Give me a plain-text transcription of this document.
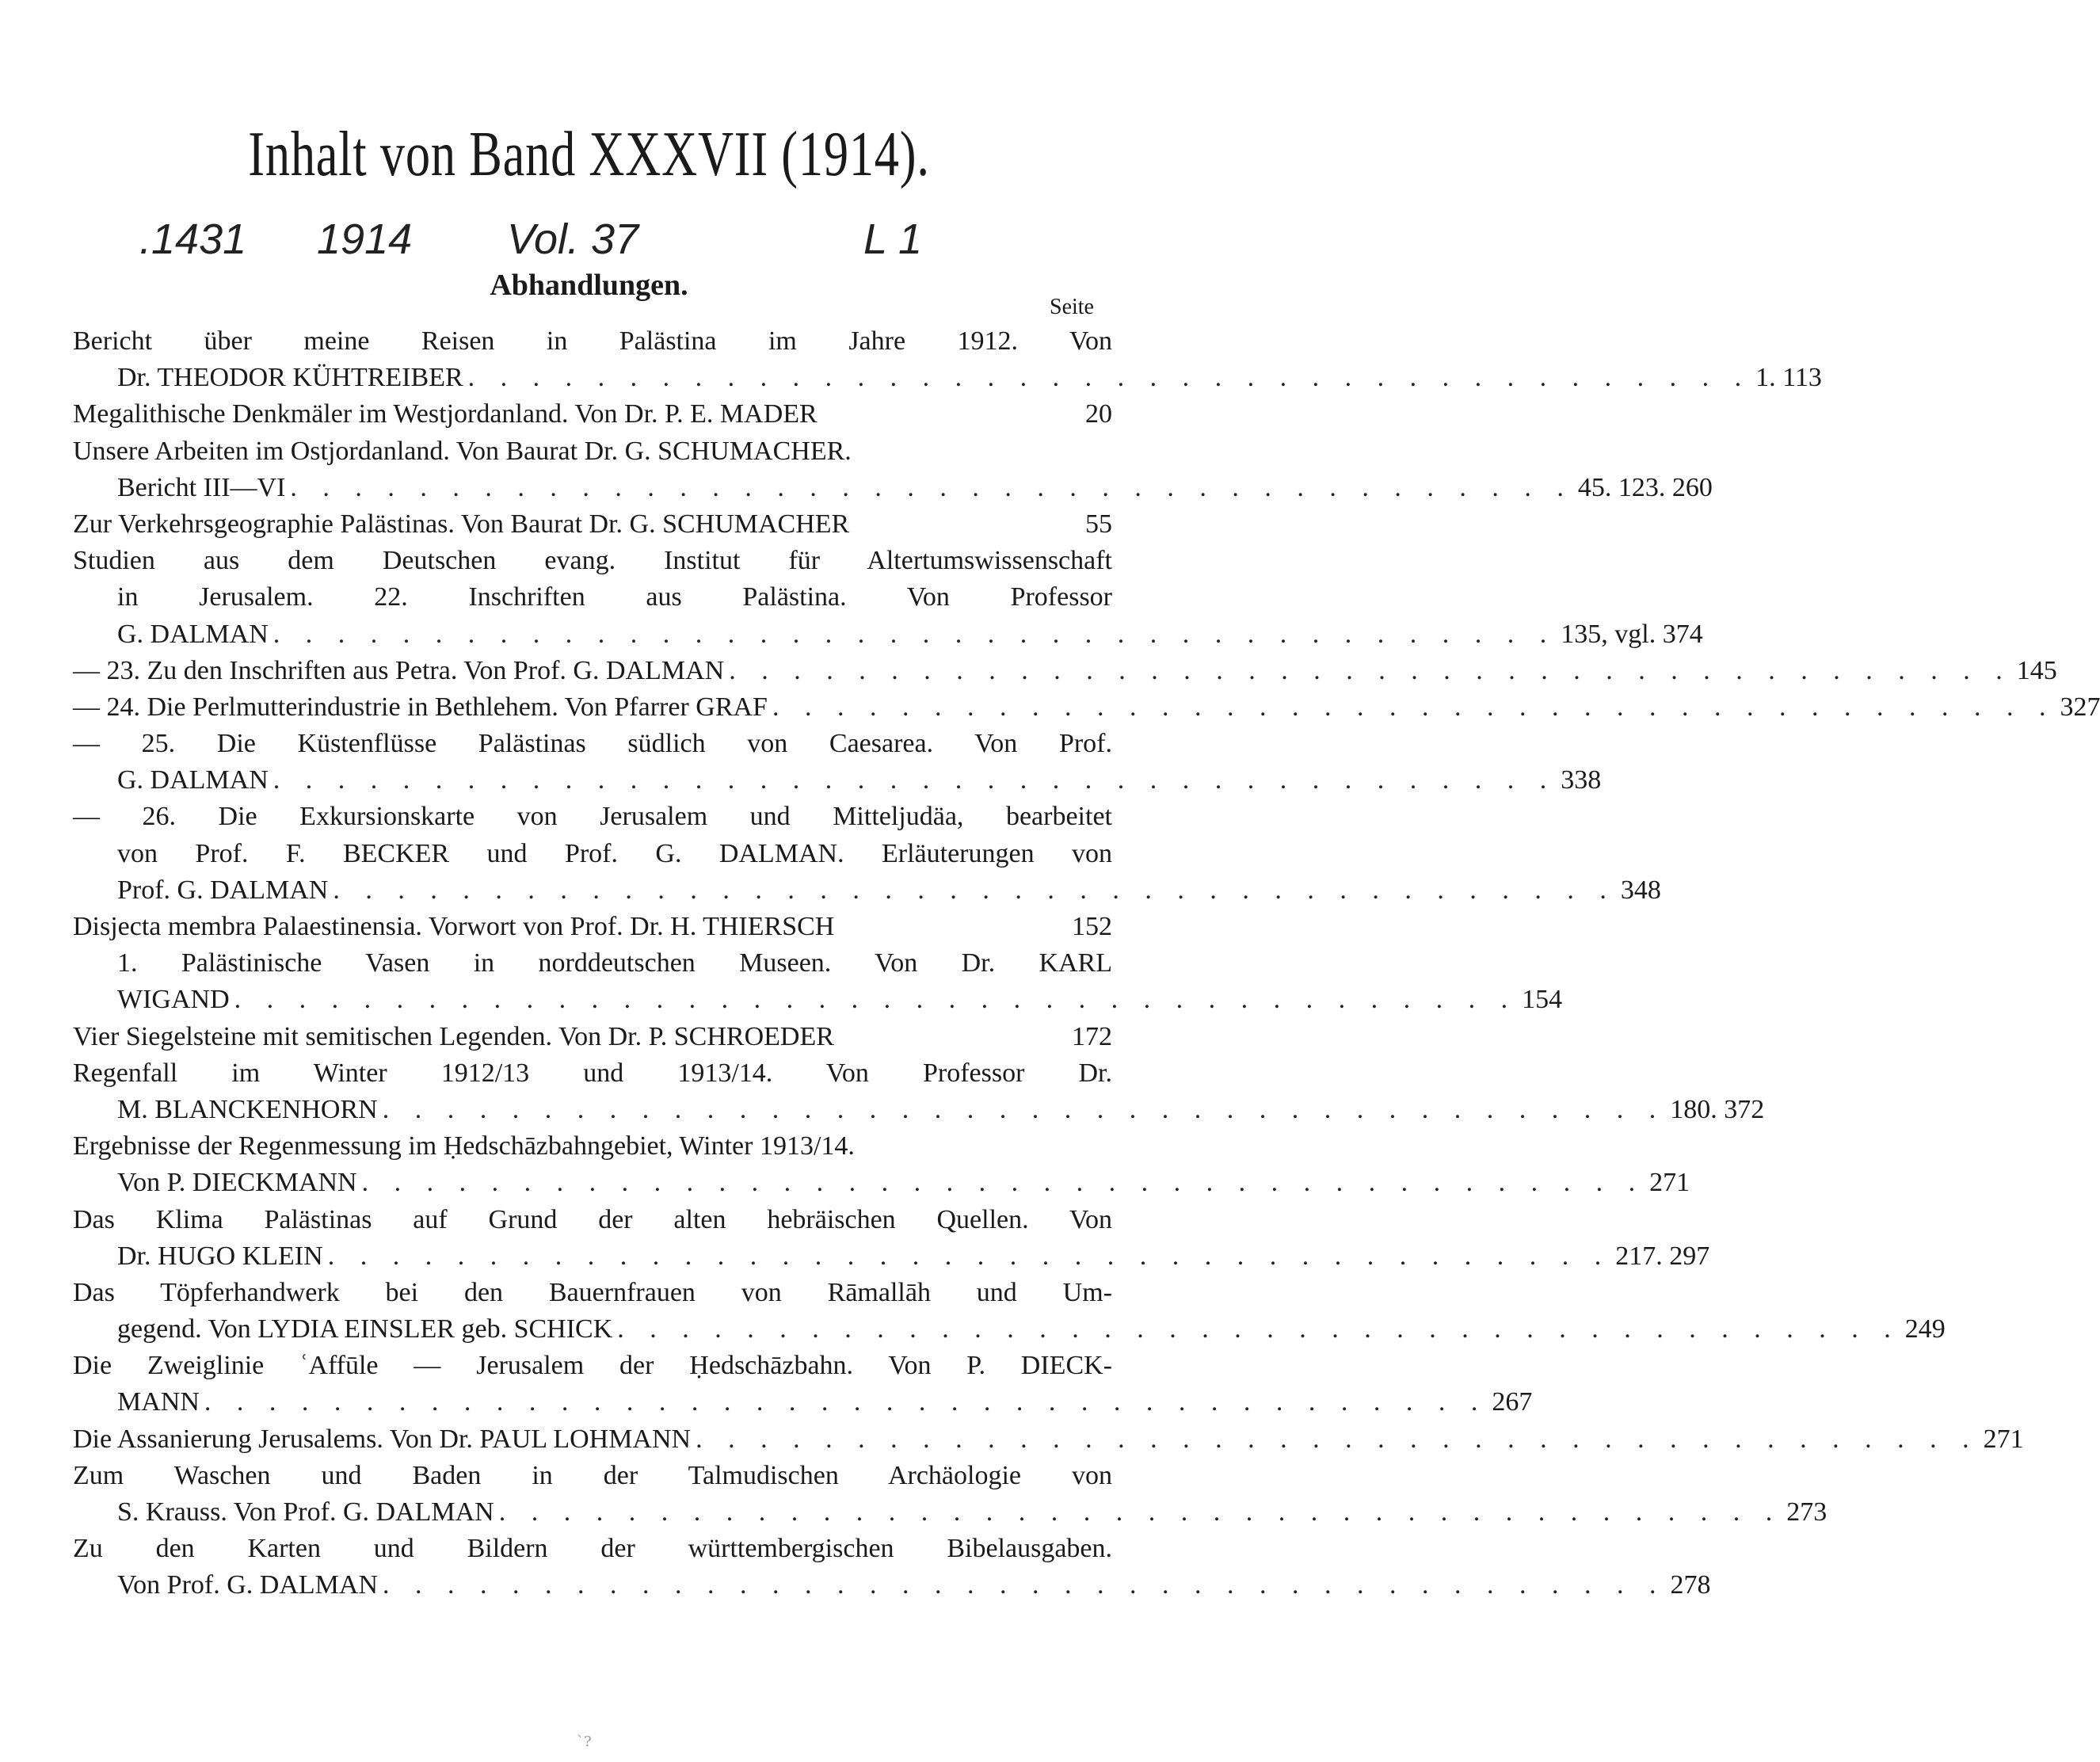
Inhalt von Band XXXVII (1914).
.1431 1914 Vol. 37	L 1
Abhandlungen.
Seite
Bericht über meine Reisen in Palästina im Jahre 1912. Von
Dr. THEODOR KÜHTREIBER . . . . . . . . . . . . . . . . . . . . . . . . . . . . . . . . . . . . . . . . 1. 113
Megalithische Denkmäler im Westjordanland. Von Dr. P. E. MADER	20
Unsere Arbeiten im Ostjordanland. Von Baurat Dr. G. SCHUMACHER.
Bericht III—VI . . . . . . . . . . . . . . . . . . . . . . . . . . . . . . . . . . . . . . . . 45. 123. 260
Zur Verkehrsgeographie Palästinas. Von Baurat Dr. G. SCHUMACHER	55
Studien aus dem Deutschen evang. Institut für Altertumswissenschaft
in Jerusalem. 22. Inschriften aus Palästina. Von Professor
G. DALMAN . . . . . . . . . . . . . . . . . . . . . . . . . . . . . . . . . . . . . . . . 135, vgl. 374
— 23. Zu den Inschriften aus Petra. Von Prof. G. DALMAN . . . . . . . . . . . . . . . . . . . . . . . . . . . . . . . . . . . . . . . . 145
— 24. Die Perlmutterindustrie in Bethlehem. Von Pfarrer GRAF . . . . . . . . . . . . . . . . . . . . . . . . . . . . . . . . . . . . . . . . 327
— 25. Die Küstenflüsse Palästinas südlich von Caesarea. Von Prof.
G. DALMAN . . . . . . . . . . . . . . . . . . . . . . . . . . . . . . . . . . . . . . . . 338
— 26. Die Exkursionskarte von Jerusalem und Mitteljudäa, bearbeitet
von Prof. F. BECKER und Prof. G. DALMAN. Erläuterungen von
Prof. G. DALMAN . . . . . . . . . . . . . . . . . . . . . . . . . . . . . . . . . . . . . . . . 348
Disjecta membra Palaestinensia. Vorwort von Prof. Dr. H. THIERSCH	152
1. Palästinische Vasen in norddeutschen Museen. Von Dr. KARL
WIGAND . . . . . . . . . . . . . . . . . . . . . . . . . . . . . . . . . . . . . . . . 154
Vier Siegelsteine mit semitischen Legenden. Von Dr. P. SCHROEDER	172
Regenfall im Winter 1912/13 und 1913/14. Von Professor Dr.
M. BLANCKENHORN . . . . . . . . . . . . . . . . . . . . . . . . . . . . . . . . . . . . . . . . 180. 372
Ergebnisse der Regenmessung im Ḥedschāzbahngebiet, Winter 1913/14.
Von P. DIECKMANN . . . . . . . . . . . . . . . . . . . . . . . . . . . . . . . . . . . . . . . . 271
Das Klima Palästinas auf Grund der alten hebräischen Quellen. Von
Dr. HUGO KLEIN . . . . . . . . . . . . . . . . . . . . . . . . . . . . . . . . . . . . . . . . 217. 297
Das Töpferhandwerk bei den Bauernfrauen von Rāmallāh und Um-
gegend. Von LYDIA EINSLER geb. SCHICK . . . . . . . . . . . . . . . . . . . . . . . . . . . . . . . . . . . . . . . . 249
Die Zweiglinie ʿAffūle — Jerusalem der Ḥedschāzbahn. Von P. DIECK-
MANN . . . . . . . . . . . . . . . . . . . . . . . . . . . . . . . . . . . . . . . . 267
Die Assanierung Jerusalems. Von Dr. PAUL LOHMANN . . . . . . . . . . . . . . . . . . . . . . . . . . . . . . . . . . . . . . . . 271
Zum Waschen und Baden in der Talmudischen Archäologie von
S. Krauss. Von Prof. G. DALMAN . . . . . . . . . . . . . . . . . . . . . . . . . . . . . . . . . . . . . . . . 273
Zu den Karten und Bildern der württembergischen Bibelausgaben.
Von Prof. G. DALMAN . . . . . . . . . . . . . . . . . . . . . . . . . . . . . . . . . . . . . . . . 278
ˋ?
